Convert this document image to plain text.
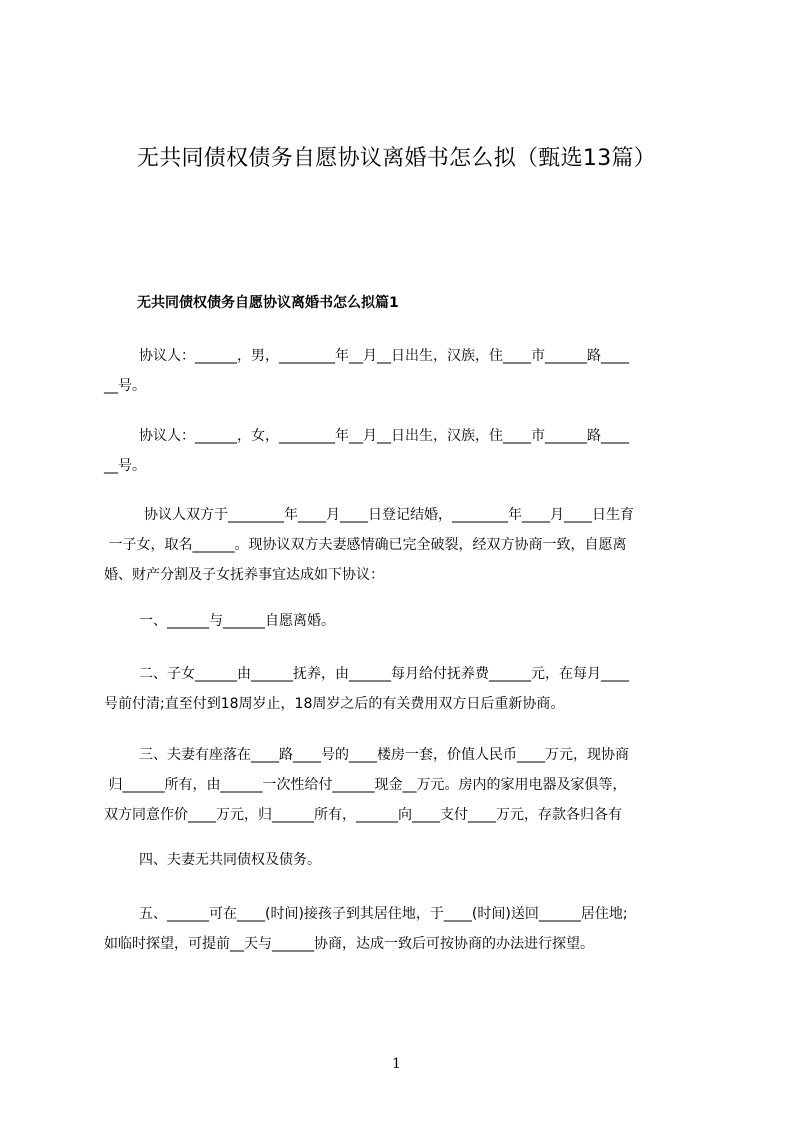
无共同债权债务自愿协议离婚书怎么拟（甄选13篇）
无共同债权债务自愿协议离婚书怎么拟篇1
协议人：______，男，________年__月__日出生，汉族，住____市______路____
__号。
协议人：______，女，________年__月__日出生，汉族，住____市______路____
__号。
协议人双方于________年____月____日登记结婚，________年____月____日生育
一子女，取名______。现协议双方夫妻感情确已完全破裂，经双方协商一致，自愿离
婚、财产分割及子女抚养事宜达成如下协议：
一、______与______自愿离婚。
二、子女______由______抚养，由______每月给付抚养费______元，在每月____
号前付清;直至付到18周岁止，18周岁之后的有关费用双方日后重新协商。
三、夫妻有座落在____路____号的____楼房一套，价值人民币____万元，现协商
归______所有，由______一次性给付______现金__万元。房内的家用电器及家俱等，
双方同意作价____万元，归______所有，______向____支付____万元，存款各归各有
四、夫妻无共同债权及债务。
五、______可在____(时间)接孩子到其居住地，于____(时间)送回______居住地;
如临时探望，可提前__天与______协商，达成一致后可按协商的办法进行探望。
1
